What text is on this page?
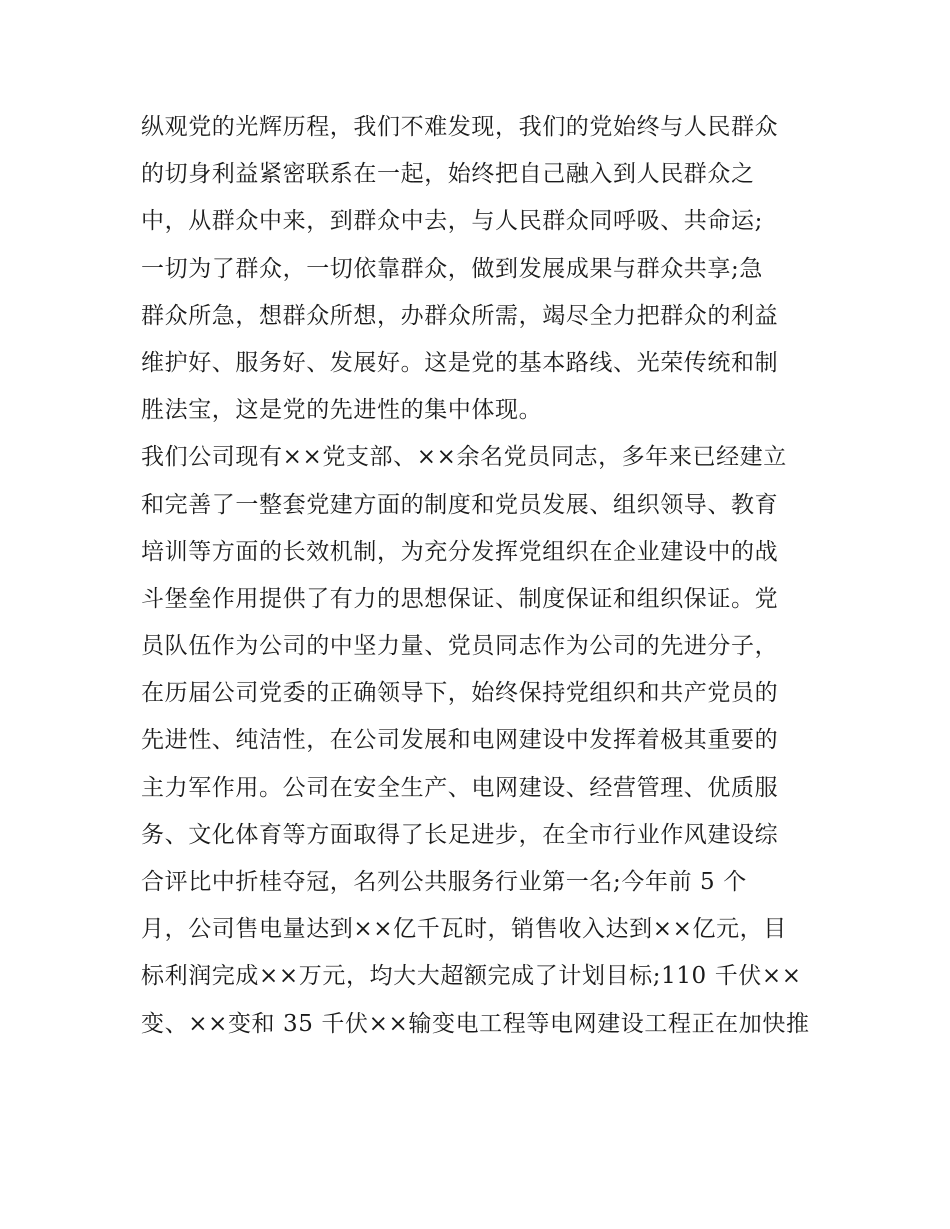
纵观党的光辉历程，我们不难发现，我们的党始终与人民群众
的切身利益紧密联系在一起，始终把自己融入到人民群众之
中，从群众中来，到群众中去，与人民群众同呼吸、共命运;
一切为了群众，一切依靠群众，做到发展成果与群众共享;急
群众所急，想群众所想，办群众所需，竭尽全力把群众的利益
维护好、服务好、发展好。这是党的基本路线、光荣传统和制
胜法宝，这是党的先进性的集中体现。
我们公司现有××党支部、××余名党员同志，多年来已经建立
和完善了一整套党建方面的制度和党员发展、组织领导、教育
培训等方面的长效机制，为充分发挥党组织在企业建设中的战
斗堡垒作用提供了有力的思想保证、制度保证和组织保证。党
员队伍作为公司的中坚力量、党员同志作为公司的先进分子，
在历届公司党委的正确领导下，始终保持党组织和共产党员的
先进性、纯洁性，在公司发展和电网建设中发挥着极其重要的
主力军作用。公司在安全生产、电网建设、经营管理、优质服
务、文化体育等方面取得了长足进步，在全市行业作风建设综
合评比中折桂夺冠，名列公共服务行业第一名;今年前 5 个
月，公司售电量达到××亿千瓦时，销售收入达到××亿元，目
标利润完成××万元，均大大超额完成了计划目标;110 千伏××
变、××变和 35 千伏××输变电工程等电网建设工程正在加快推
